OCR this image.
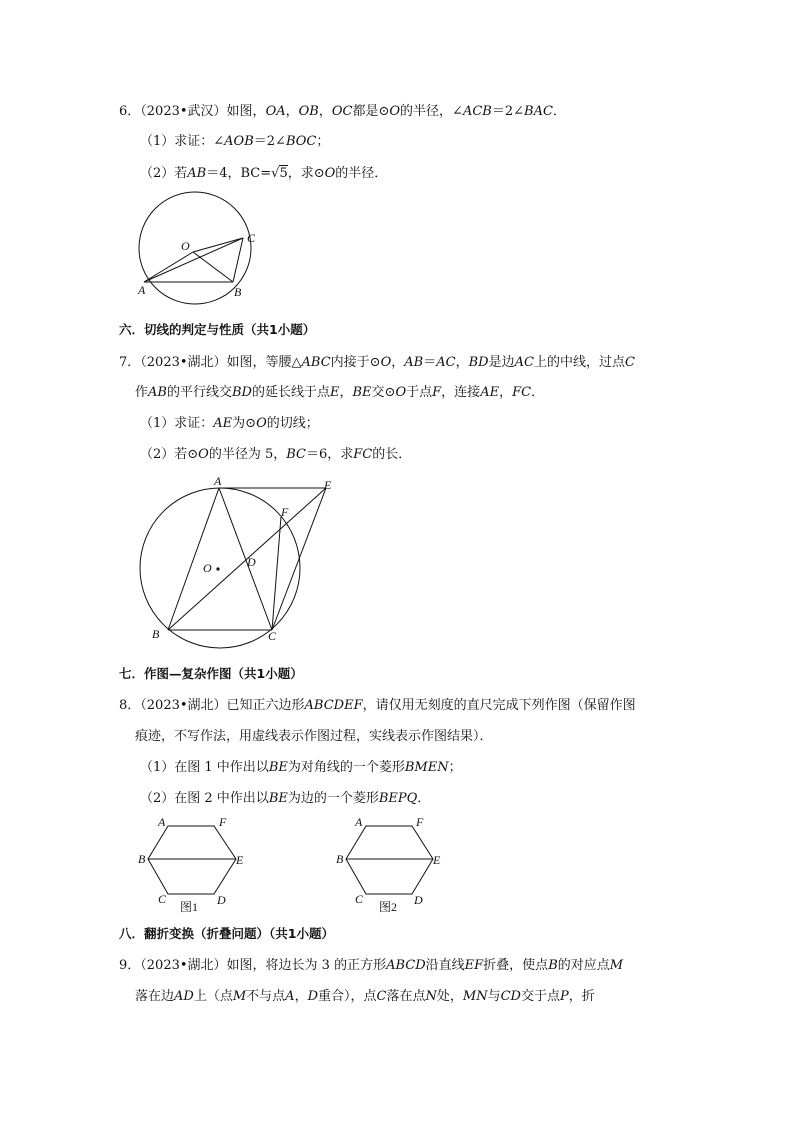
6．（2023•武汉）如图，OA，OB，OC都是⊙O的半径，∠ACB＝2∠BAC．
（1）求证：∠AOB＝2∠BOC；
（2）若AB＝4，BC=√5，求⊙O的半径．
O
A	B
C
六．切线的判定与性质（共1小题）
7．（2023•湖北）如图，等腰△ABC内接于⊙O，AB＝AC，BD是边AC上的中线，过点C
作AB的平行线交BD的延长线于点E，BE交⊙O于点F，连接AE，FC．
（1）求证：AE为⊙O的切线；
（2）若⊙O的半径为 5，BC＝6，求FC的长．
A	E
F
O	D
B	C
七．作图—复杂作图（共1小题）
8．（2023•湖北）已知正六边形ABCDEF，请仅用无刻度的直尺完成下列作图（保留作图
痕迹，不写作法，用虚线表示作图过程，实线表示作图结果）．
（1）在图 1 中作出以BE为对角线的一个菱形BMEN；
（2）在图 2 中作出以BE为边的一个菱形BEPQ．
A	F
B	E
C	D
图1
A	F
B	E
C	D
图2
八．翻折变换（折叠问题）（共1小题）
9．（2023•湖北）如图，将边长为 3 的正方形ABCD沿直线EF折叠，使点B的对应点M
落在边AD上（点M不与点A，D重合），点C落在点N处，MN与CD交于点P，折
